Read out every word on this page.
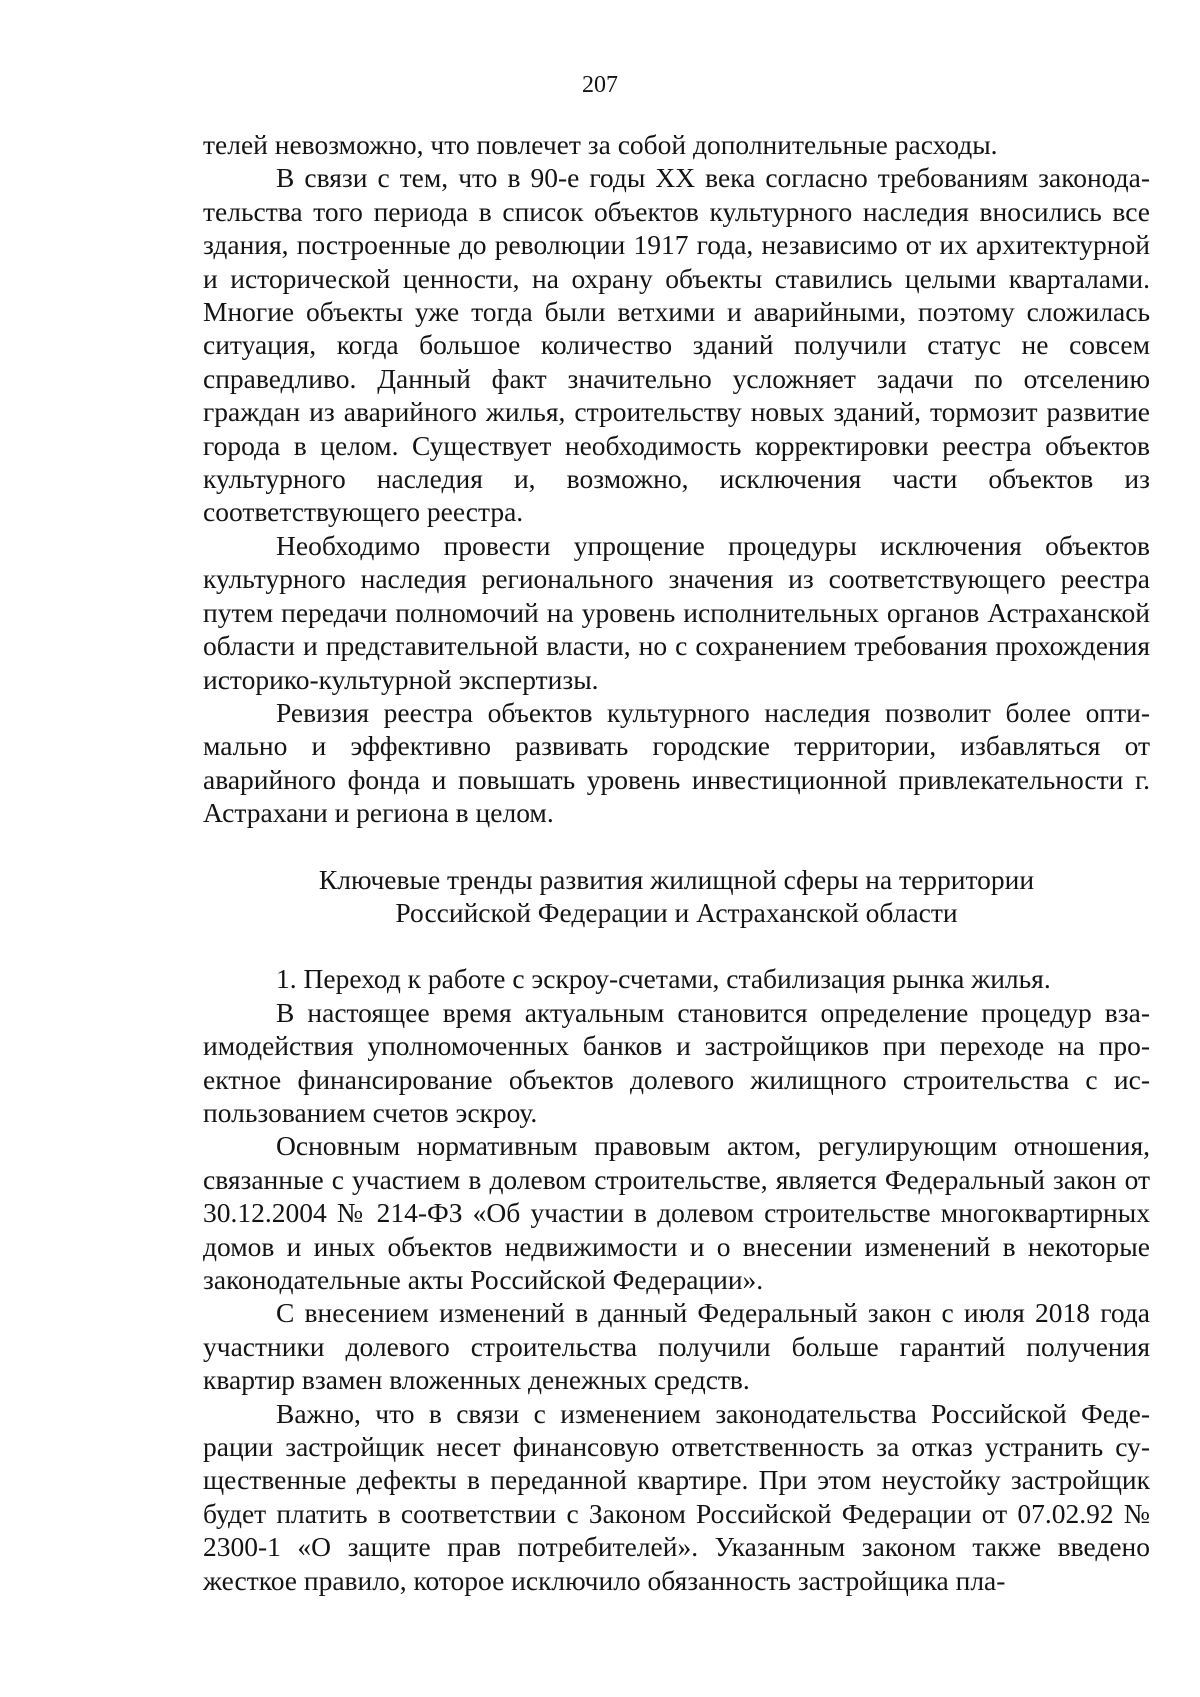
207

телей невозможно, что повлечет за собой дополнительные расходы.

В связи с тем, что в 90-е годы XX века согласно требованиям законодательства того периода в список объектов культурного наследия вносились все здания, построенные до революции 1917 года, независимо от их архитектурной и исторической ценности, на охрану объекты ставились целыми кварталами. Многие объекты уже тогда были ветхими и аварийными, поэтому сложилась ситуация, когда большое количество зданий получили статус не совсем справедливо. Данный факт значительно усложняет задачи по отселению граждан из аварийного жилья, строительству новых зданий, тормозит развитие города в целом. Существует необходимость корректировки реестра объектов культурного наследия и, возможно, исключения части объектов из соответствующего реестра.

Необходимо провести упрощение процедуры исключения объектов культурного наследия регионального значения из соответствующего реестра путем передачи полномочий на уровень исполнительных органов Астраханской области и представительной власти, но с сохранением требования прохождения историко-культурной экспертизы.

Ревизия реестра объектов культурного наследия позволит более оптимально и эффективно развивать городские территории, избавляться от аварийного фонда и повышать уровень инвестиционной привлекательности г. Астрахани и региона в целом.

Ключевые тренды развития жилищной сферы на территории
Российской Федерации и Астраханской области

1. Переход к работе с эскроу-счетами, стабилизация рынка жилья.

В настоящее время актуальным становится определение процедур взаимодействия уполномоченных банков и застройщиков при переходе на проектное финансирование объектов долевого жилищного строительства с использованием счетов эскроу.

Основным нормативным правовым актом, регулирующим отношения, связанные с участием в долевом строительстве, является Федеральный закон от 30.12.2004 № 214-ФЗ «Об участии в долевом строительстве многоквартирных домов и иных объектов недвижимости и о внесении изменений в некоторые законодательные акты Российской Федерации».

С внесением изменений в данный Федеральный закон с июля 2018 года участники долевого строительства получили больше гарантий получения квартир взамен вложенных денежных средств.

Важно, что в связи с изменением законодательства Российской Федерации застройщик несет финансовую ответственность за отказ устранить существенные дефекты в переданной квартире. При этом неустойку застройщик будет платить в соответствии с Законом Российской Федерации от 07.02.92 № 2300-1 «О защите прав потребителей». Указанным законом также введено жесткое правило, которое исключило обязанность застройщика пла-
